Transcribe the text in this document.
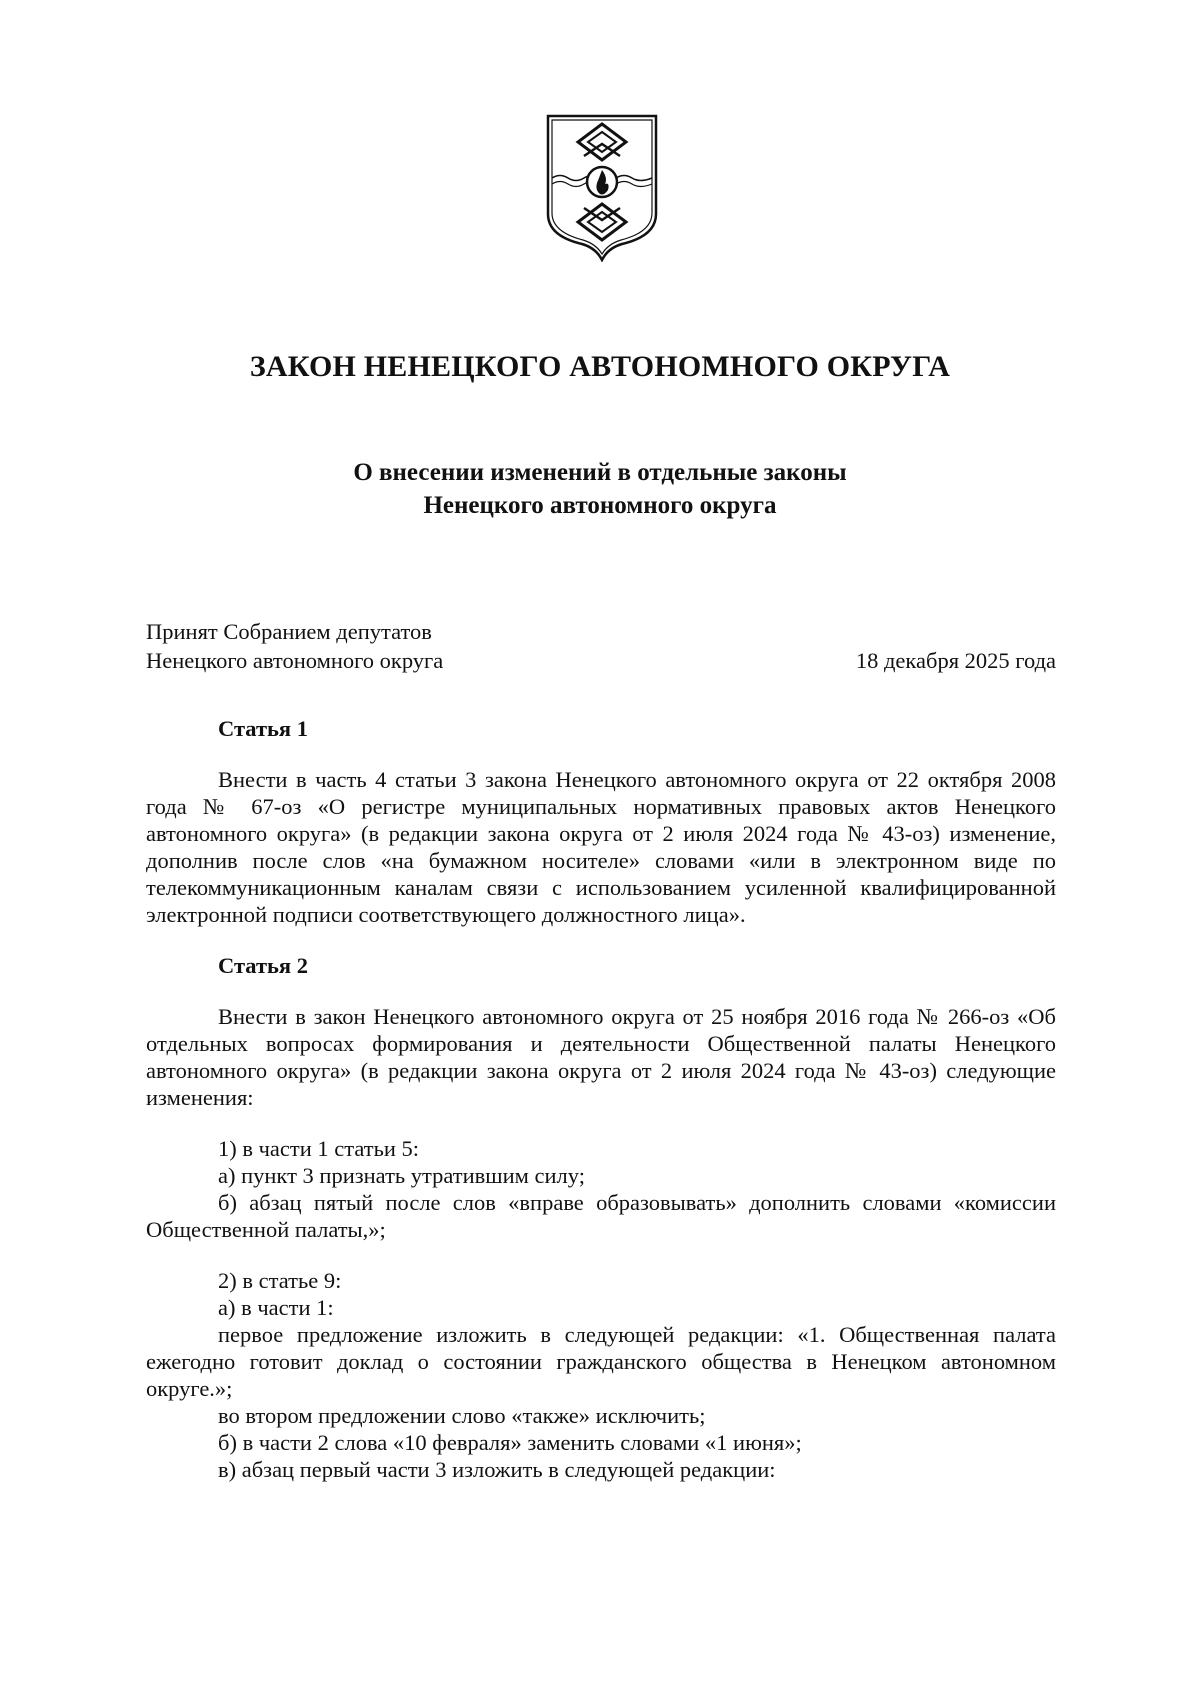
ЗАКОН НЕНЕЦКОГО АВТОНОМНОГО ОКРУГА
О внесении изменений в отдельные законы
Ненецкого автономного округа
Принят Собранием депутатов
Ненецкого автономного округа	18 декабря 2025 года

Статья 1

Внести в часть 4 статьи 3 закона Ненецкого автономного округа от 22 октября 2008 года № 67-оз «О регистре муниципальных нормативных правовых актов Ненецкого автономного округа» (в редакции закона округа от 2 июля 2024 года № 43-оз) изменение, дополнив после слов «на бумажном носителе» словами «или в электронном виде по телекоммуникационным каналам связи с использованием усиленной квалифицированной электронной подписи соответствующего должностного лица».

Статья 2

Внести в закон Ненецкого автономного округа от 25 ноября 2016 года № 266-оз «Об отдельных вопросах формирования и деятельности Общественной палаты Ненецкого автономного округа» (в редакции закона округа от 2 июля 2024 года № 43-оз) следующие изменения:

1) в части 1 статьи 5:

а) пункт 3 признать утратившим силу;

б) абзац пятый после слов «вправе образовывать» дополнить словами «комиссии Общественной палаты,»;

2) в статье 9:

а) в части 1:

первое предложение изложить в следующей редакции: «1. Общественная палата ежегодно готовит доклад о состоянии гражданского общества в Ненецком автономном округе.»;

во втором предложении слово «также» исключить;

б) в части 2 слова «10 февраля» заменить словами «1 июня»;

в) абзац первый части 3 изложить в следующей редакции:
